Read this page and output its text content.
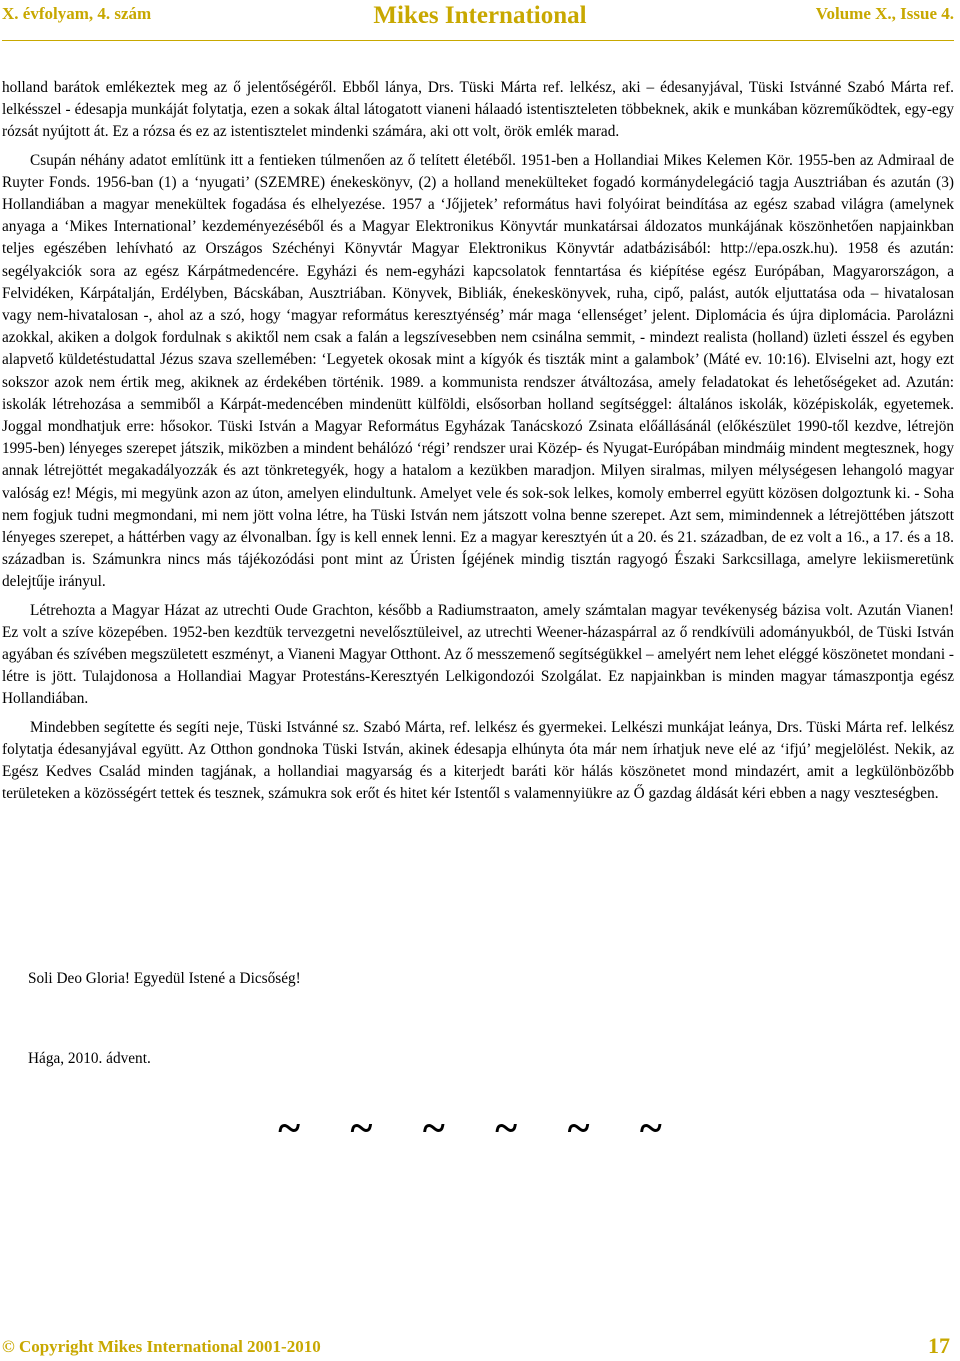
X. évfolyam, 4. szám	Mikes International	Volume X., Issue 4.

holland barátok emlékeztek meg az ő jelentőségéről. Ebből lánya, Drs. Tüski Márta ref. lelkész, aki – édesanyjával, Tüski Istvánné Szabó Márta ref. lelkésszel - édesapja munkáját folytatja, ezen a sokak által látogatott vianeni hálaadó istentiszteleten többeknek, akik e munkában közreműködtek, egy-egy rózsát nyújtott át. Ez a rózsa és ez az istentisztelet mindenki számára, aki ott volt, örök emlék marad.

Csupán néhány adatot említünk itt a fentieken túlmenően az ő telített életéből. 1951-ben a Hollandiai Mikes Kelemen Kör. 1955-ben az Admiraal de Ruyter Fonds. 1956-ban (1) a ‘nyugati’ (SZEMRE) énekeskönyv, (2) a holland menekülteket fogadó kormánydelegáció tagja Ausztriában és azután (3) Hollandiában a magyar menekültek fogadása és elhelyezése. 1957 a ‘Jőjjetek’ református havi folyóirat beindítása az egész szabad világra (amelynek anyaga a ‘Mikes International’ kezdeményezéséből és a Magyar Elektronikus Könyvtár munkatársai áldozatos munkájának köszönhetően napjainkban teljes egészében lehívható az Országos Széchényi Könyvtár Magyar Elektronikus Könyvtár adatbázisából: http://epa.oszk.hu). 1958 és azután: segélyakciók sora az egész Kárpátmedencére. Egyházi és nem-egyházi kapcsolatok fenntartása és kiépítése egész Európában, Magyarországon, a Felvidéken, Kárpátalján, Erdélyben, Bácskában, Ausztriában. Könyvek, Bibliák, énekeskönyvek, ruha, cipő, palást, autók eljuttatása oda – hivatalosan vagy nem-hivatalosan -, ahol az a szó, hogy ‘magyar református keresztyénség’ már maga ‘ellenséget’ jelent. Diplomácia és újra diplomácia. Parolázni azokkal, akiken a dolgok fordulnak s akiktől nem csak a falán a legszívesebben nem csinálna semmit, - mindezt realista (holland) üzleti ésszel és egyben alapvető küldetéstudattal Jézus szava szellemében: ‘Legyetek okosak mint a kígyók és tiszták mint a galambok’ (Máté ev. 10:16). Elviselni azt, hogy ezt sokszor azok nem értik meg, akiknek az érdekében történik. 1989. a kommunista rendszer átváltozása, amely feladatokat és lehetőségeket ad. Azután: iskolák létrehozása a semmiből a Kárpát-medencében mindenütt külföldi, elsősorban holland segítséggel: általános iskolák, középiskolák, egyetemek. Joggal mondhatjuk erre: hősokor. Tüski István a Magyar Református Egyházak Tanácskozó Zsinata előállásánál (előkészület 1990-től kezdve, létrejön 1995-ben) lényeges szerepet játszik, miközben a mindent behálózó ‘régi’ rendszer urai Közép- és Nyugat-Európában mindmáig mindent megtesznek, hogy annak létrejöttét megakadályozzák és azt tönkretegyék, hogy a hatalom a kezükben maradjon. Milyen siralmas, milyen mélységesen lehangoló magyar valóság ez! Mégis, mi megyünk azon az úton, amelyen elindultunk. Amelyet vele és sok-sok lelkes, komoly emberrel együtt közösen dolgoztunk ki. - Soha nem fogjuk tudni megmondani, mi nem jött volna létre, ha Tüski István nem játszott volna benne szerepet. Azt sem, mimindennek a létrejöttében játszott lényeges szerepet, a háttérben vagy az élvonalban. Így is kell ennek lenni. Ez a magyar keresztyén út a 20. és 21. században, de ez volt a 16., a 17. és a 18. században is. Számunkra nincs más tájékozódási pont mint az Úristen Ígéjének mindig tisztán ragyogó Északi Sarkcsillaga, amelyre lekiismeretünk delejtűje irányul.

Létrehozta a Magyar Házat az utrechti Oude Grachton, később a Radiumstraaton, amely számtalan magyar tevékenység bázisa volt. Azután Vianen! Ez volt a szíve közepében. 1952-ben kezdtük tervezgetni nevelősztüleivel, az utrechti Weener-házaspárral az ő rendkívüli adományukból, de Tüski István agyában és szívében megszületett eszményt, a Vianeni Magyar Otthont. Az ő messzemenő segítségükkel – amelyért nem lehet eléggé köszönetet mondani - létre is jött. Tulajdonosa a Hollandiai Magyar Protestáns-Keresztyén Lelkigondozói Szolgálat. Ez napjainkban is minden magyar támaszpontja egész Hollandiában.

Mindebben segítette és segíti neje, Tüski Istvánné sz. Szabó Márta, ref. lelkész és gyermekei. Lelkészi munkájat leánya, Drs. Tüski Márta ref. lelkész folytatja édesanyjával együtt. Az Otthon gondnoka Tüski István, akinek édesapja elhúnyta óta már nem írhatjuk neve elé az ‘ifjú’ megjelölést. Nekik, az Egész Kedves Család minden tagjának, a hollandiai magyarság és a kiterjedt baráti kör hálás köszönetet mond mindazért, amit a legkülönbözőbb területeken a közösségért tettek és tesznek, számukra sok erőt és hitet kér Istentől s valamennyiükre az Ő gazdag áldását kéri ebben a nagy veszteségben.

Soli Deo Gloria! Egyedül Istené a Dicsőség!
Hága, 2010. ádvent.
~ ~ ~ ~ ~ ~
© Copyright Mikes International 2001-2010	17
